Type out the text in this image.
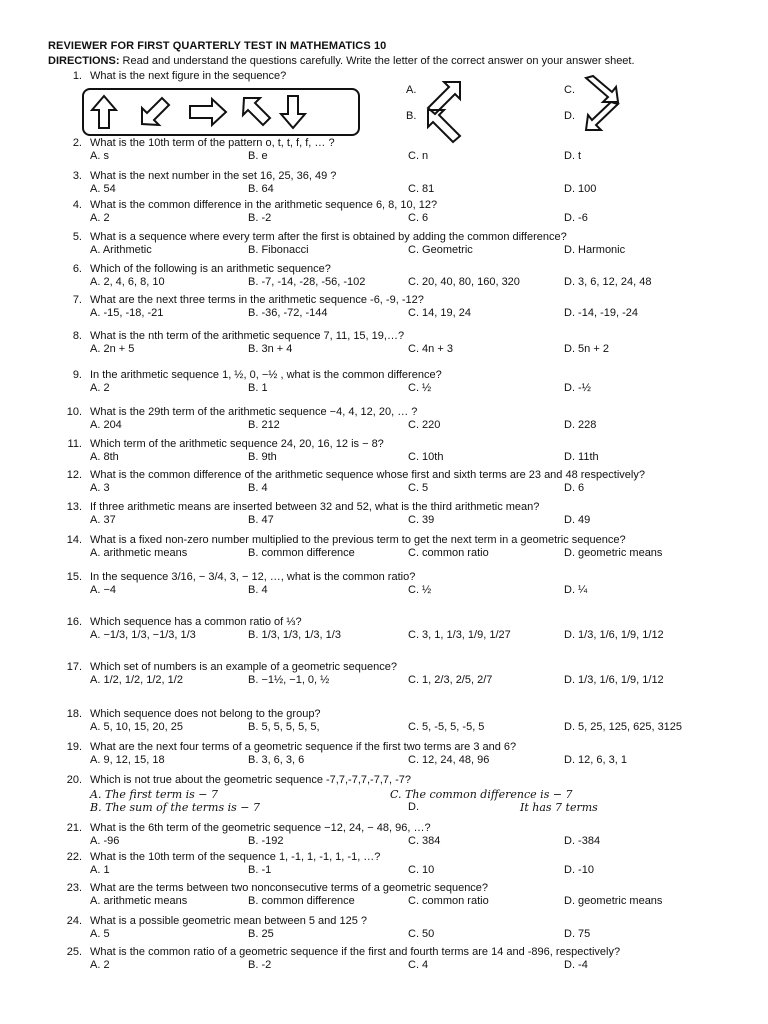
REVIEWER FOR FIRST QUARTERLY TEST IN MATHEMATICS 10
DIRECTIONS: Read and understand the questions carefully. Write the letter of the correct answer on your answer sheet.
1. What is the next figure in the sequence?
A.
B.
C.
D.
2. What is the 10th term of the pattern o, t, t, f, f, … ?
A. s	B. e	C. n	D. t
3. What is the next number in the set 16, 25, 36, 49 ?
A. 54	B. 64	C. 81	D. 100
4. What is the common difference in the arithmetic sequence 6, 8, 10, 12?
A. 2	B. -2	C. 6	D. -6
5. What is a sequence where every term after the first is obtained by adding the common difference?
A. Arithmetic	B. Fibonacci	C. Geometric	D. Harmonic
6. Which of the following is an arithmetic sequence?
A. 2, 4, 6, 8, 10	B. -7, -14, -28, -56, -102	C. 20, 40, 80, 160, 320	D. 3, 6, 12, 24, 48
7. What are the next three terms in the arithmetic sequence -6, -9, -12?
A. -15, -18, -21	B. -36, -72, -144	C. 14, 19, 24	D. -14, -19, -24
8. What is the nth term of the arithmetic sequence 7, 11, 15, 19,…?
A. 2n + 5	B. 3n + 4	C. 4n + 3	D. 5n + 2
9. In the arithmetic sequence 1, ½, 0, −½ , what is the common difference?
A. 2	B. 1	C. ½	D. -½
10. What is the 29th term of the arithmetic sequence −4, 4, 12, 20, … ?
A. 204	B. 212	C. 220	D. 228
11. Which term of the arithmetic sequence 24, 20, 16, 12 is − 8?
A. 8th	B. 9th	C. 10th	D. 11th
12. What is the common difference of the arithmetic sequence whose first and sixth terms are 23 and 48 respectively?
A. 3	B. 4	C. 5	D. 6
13. If three arithmetic means are inserted between 32 and 52, what is the third arithmetic mean?
A. 37	B. 47	C. 39	D. 49
14. What is a fixed non-zero number multiplied to the previous term to get the next term in a geometric sequence?
A. arithmetic means	B. common difference	C. common ratio	D. geometric means
15. In the sequence 3/16, − 3/4, 3, − 12, …, what is the common ratio?
A. −4	B. 4	C. ½	D. ¼
16. Which sequence has a common ratio of ⅓?
A. −1/3, 1/3, −1/3, 1/3	B. 1/3, 1/3, 1/3, 1/3	C. 3, 1, 1/3, 1/9, 1/27	D. 1/3, 1/6, 1/9, 1/12
17. Which set of numbers is an example of a geometric sequence?
A. 1/2, 1/2, 1/2, 1/2	B. −1½, −1, 0, ½	C. 1, 2/3, 2/5, 2/7	D. 1/3, 1/6, 1/9, 1/12
18. Which sequence does not belong to the group?
A. 5, 10, 15, 20, 25	B. 5, 5, 5, 5, 5,	C. 5, -5, 5, -5, 5	D. 5, 25, 125, 625, 3125
19. What are the next four terms of a geometric sequence if the first two terms are 3 and 6?
A. 9, 12, 15, 18	B. 3, 6, 3, 6	C. 12, 24, 48, 96	D. 12, 6, 3, 1
20. Which is not true about the geometric sequence -7,7,-7,7,-7,7, -7?
A. The first term is − 7	C. The common difference is − 7
B. The sum of the terms is − 7	D.	It has 7 terms
21. What is the 6th term of the geometric sequence −12, 24, − 48, 96, …?
A. -96	B. -192	C. 384	D. -384
22. What is the 10th term of the sequence 1, -1, 1, -1, 1, -1, …?
A. 1	B. -1	C. 10	D. -10
23. What are the terms between two nonconsecutive terms of a geometric sequence?
A. arithmetic means	B. common difference	C. common ratio	D. geometric means
24. What is a possible geometric mean between 5 and 125 ?
A. 5	B. 25	C. 50	D. 75
25. What is the common ratio of a geometric sequence if the first and fourth terms are 14 and -896, respectively?
A. 2	B. -2	C. 4	D. -4
